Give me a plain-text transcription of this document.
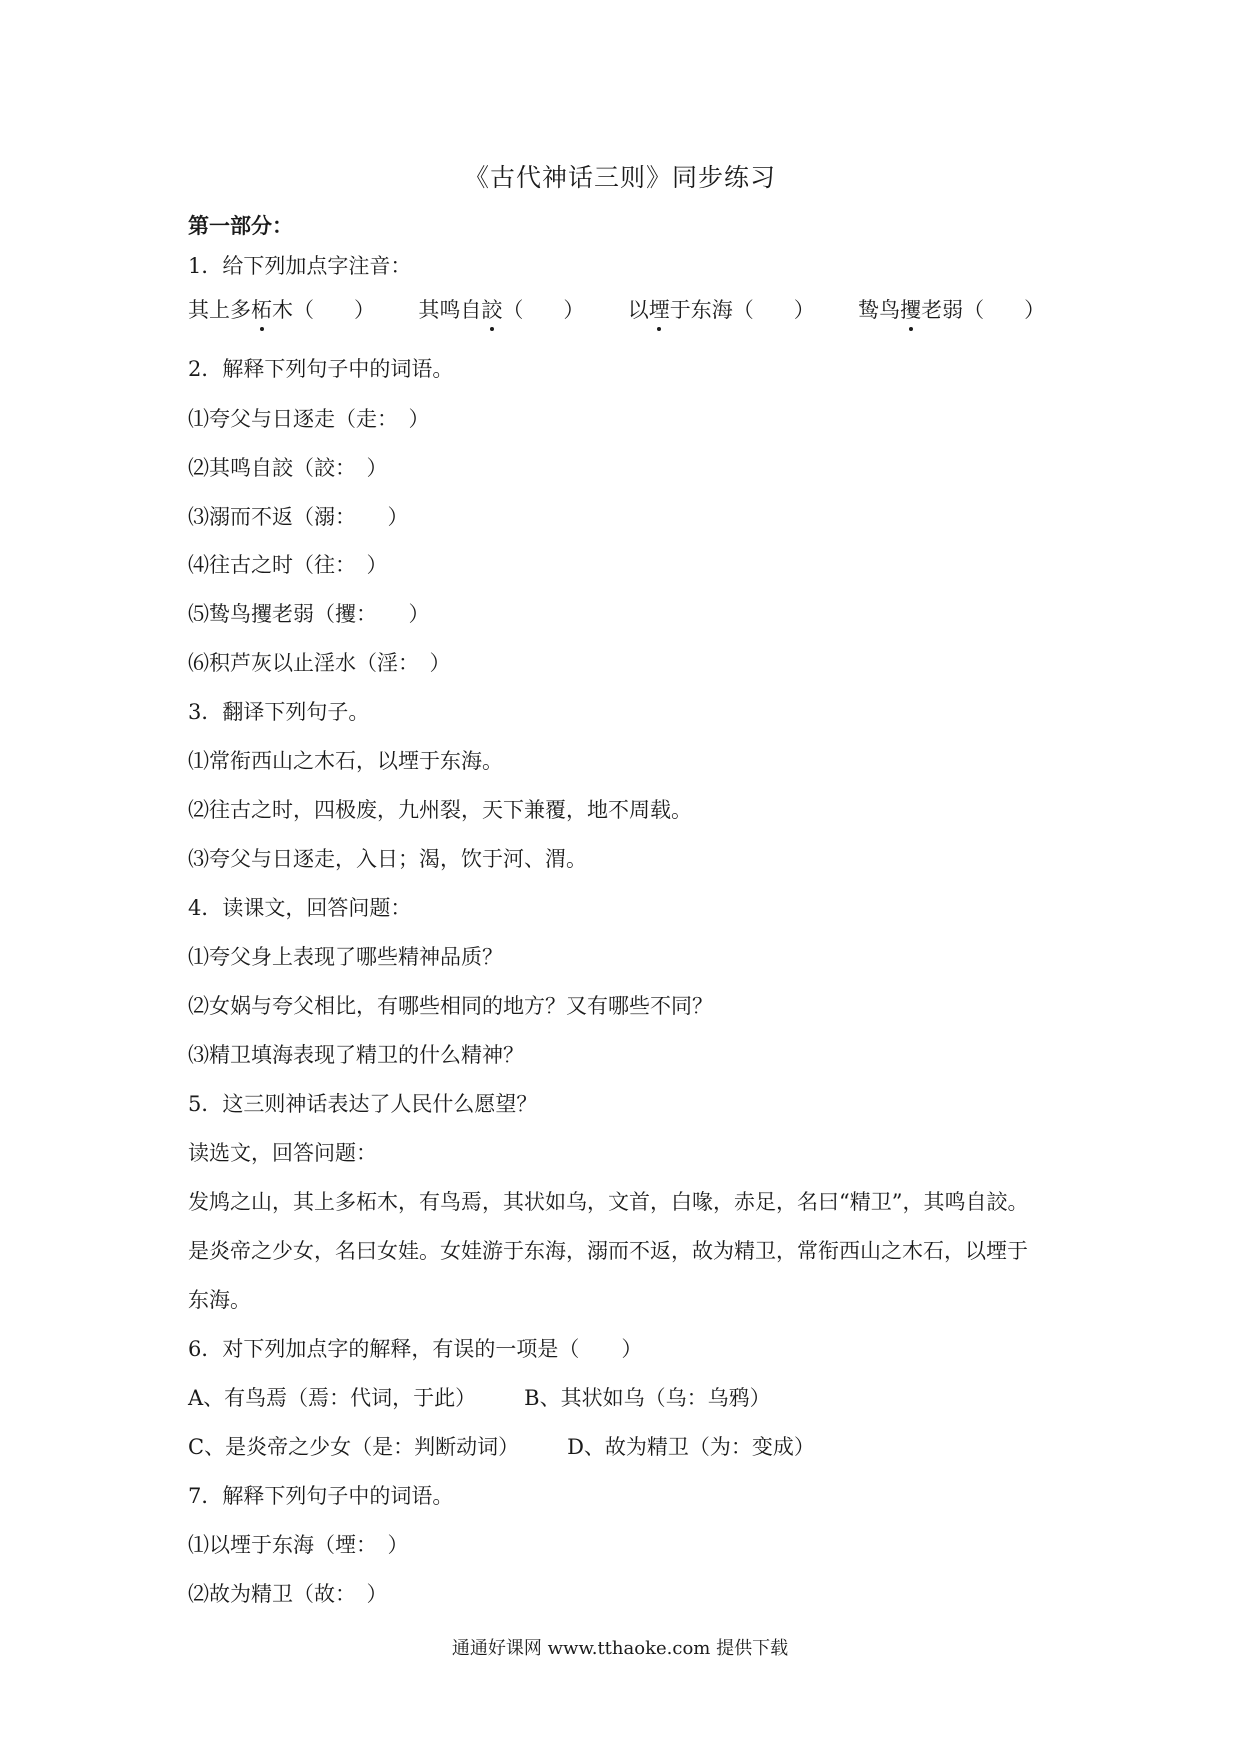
《古代神话三则》同步练习
第一部分：
1．给下列加点字注音：
其上多柘木（ ） 其鸣自詨（ ） 以堙于东海（ ） 鸷鸟攫老弱（ ）
2．解释下列句子中的词语。
⑴夸父与日逐走（走：　）
⑵其鸣自詨（詨：　）
⑶溺而不返（溺：　　）
⑷往古之时（往：　）
⑸鸷鸟攫老弱（攫：　　）
⑹积芦灰以止淫水（淫：　）
3．翻译下列句子。
⑴常衔西山之木石，以堙于东海。
⑵往古之时，四极废，九州裂，天下兼覆，地不周载。
⑶夸父与日逐走，入日；渴，饮于河、渭。
4．读课文，回答问题：
⑴夸父身上表现了哪些精神品质？
⑵女娲与夸父相比，有哪些相同的地方？又有哪些不同？
⑶精卫填海表现了精卫的什么精神？
5．这三则神话表达了人民什么愿望？
读选文，回答问题：
发鸠之山，其上多柘木，有鸟焉，其状如乌，文首，白喙，赤足，名曰“精卫”，其鸣自詨。
是炎帝之少女，名曰女娃。女娃游于东海，溺而不返，故为精卫，常衔西山之木石，以堙于
东海。
6．对下列加点字的解释，有误的一项是（　　）
A、有鸟焉（焉：代词，于此） B、其状如乌（乌：乌鸦）
C、是炎帝之少女（是：判断动词） D、故为精卫（为：变成）
7．解释下列句子中的词语。
⑴以堙于东海（堙：　）
⑵故为精卫（故：　）
通通好课网 www.tthaoke.com 提供下载
